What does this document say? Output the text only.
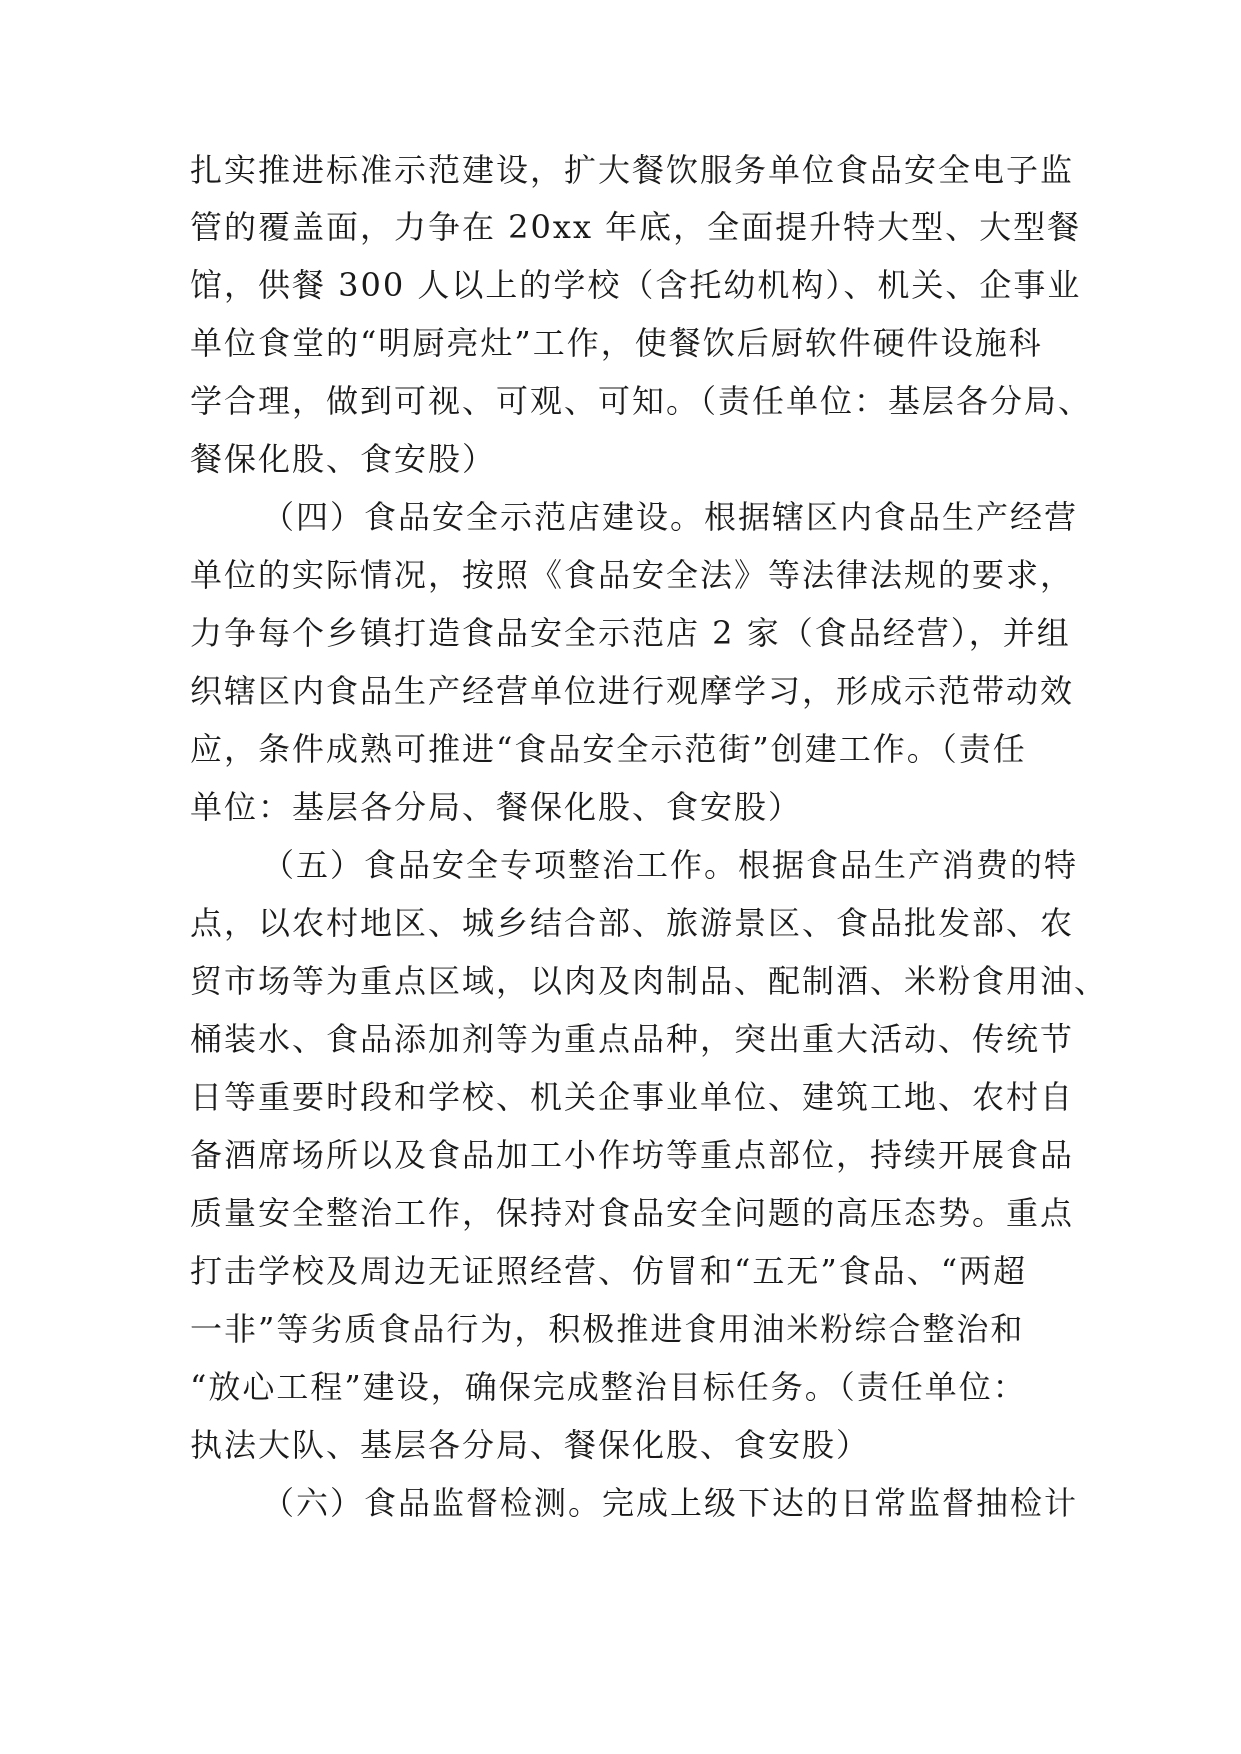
扎实推进标准示范建设，扩大餐饮服务单位食品安全电子监
管的覆盖面，力争在 20xx 年底，全面提升特大型、大型餐
馆，供餐 300 人以上的学校（含托幼机构）、机关、企事业
单位食堂的“明厨亮灶”工作，使餐饮后厨软件硬件设施科
学合理，做到可视、可观、可知。（责任单位：基层各分局、
餐保化股、食安股）
（四）食品安全示范店建设。根据辖区内食品生产经营
单位的实际情况，按照《食品安全法》等法律法规的要求，
力争每个乡镇打造食品安全示范店 2 家（食品经营），并组
织辖区内食品生产经营单位进行观摩学习，形成示范带动效
应，条件成熟可推进“食品安全示范街”创建工作。（责任
单位：基层各分局、餐保化股、食安股）
（五）食品安全专项整治工作。根据食品生产消费的特
点，以农村地区、城乡结合部、旅游景区、食品批发部、农
贸市场等为重点区域，以肉及肉制品、配制酒、米粉食用油、
桶装水、食品添加剂等为重点品种，突出重大活动、传统节
日等重要时段和学校、机关企事业单位、建筑工地、农村自
备酒席场所以及食品加工小作坊等重点部位，持续开展食品
质量安全整治工作，保持对食品安全问题的高压态势。重点
打击学校及周边无证照经营、仿冒和“五无”食品、“两超
一非”等劣质食品行为，积极推进食用油米粉综合整治和
“放心工程”建设，确保完成整治目标任务。（责任单位：
执法大队、基层各分局、餐保化股、食安股）
（六）食品监督检测。完成上级下达的日常监督抽检计
